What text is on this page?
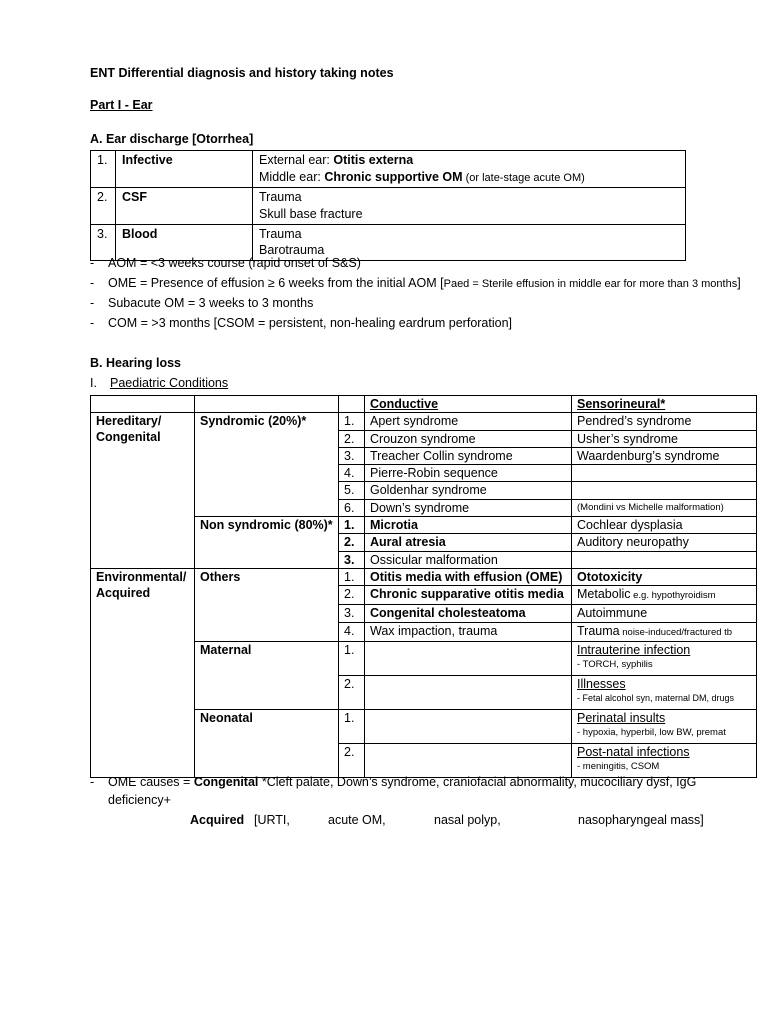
ENT Differential diagnosis and history taking notes
Part I - Ear
A. Ear discharge [Otorrhea]
1.	Infective	External ear: Otitis externa
Middle ear: Chronic supportive OM (or late-stage acute OM)

2.	CSF	Trauma
Skull base fracture

3.	Blood	Trauma
Barotrauma
- AOM = <3 weeks course (rapid onset of S&S)
- OME = Presence of effusion ≥ 6 weeks from the initial AOM [Paed = Sterile effusion in middle ear for more than 3 months]
- Subacute OM = 3 weeks to 3 months
- COM = >3 months [CSOM = persistent, non-healing eardrum perforation]
B. Hearing loss
I. Paediatric Conditions
			Conductive	Sensorineural*
Hereditary/ Congenital	Syndromic (20%)*	1.	Apert syndrome	Pendred’s syndrome
		2.	Crouzon syndrome	Usher’s syndrome
		3.	Treacher Collin syndrome	Waardenburg’s syndrome
		4.	Pierre-Robin sequence	
		5.	Goldenhar syndrome	
		6.	Down’s syndrome	(Mondini vs Michelle malformation)
	Non syndromic (80%)*	1.	Microtia	Cochlear dysplasia
		2.	Aural atresia	Auditory neuropathy
		3.	Ossicular malformation	
Environmental/ Acquired	Others	1.	Otitis media with effusion (OME)	Ototoxicity
		2.	Chronic supparative otitis media	Metabolic e.g. hypothyroidism
		3.	Congenital cholesteatoma	Autoimmune
		4.	Wax impaction, trauma	Trauma noise-induced/fractured tb
	Maternal	1.		Intrauterine infection
- TORCH, syphilis

		2.		Illnesses
- Fetal alcohol syn, maternal DM, drugs

	Neonatal	1.		Perinatal insults
- hypoxia, hyperbil, low BW, premat

		2.		Post-natal infections
- meningitis, CSOM
- OME causes = Congenital *Cleft palate, Down’s syndrome, craniofacial abnormality, mucociliary dysf, IgG
deficiency+
Acquired [URTI,	acute OM,	nasal polyp,	nasopharyngeal mass]
